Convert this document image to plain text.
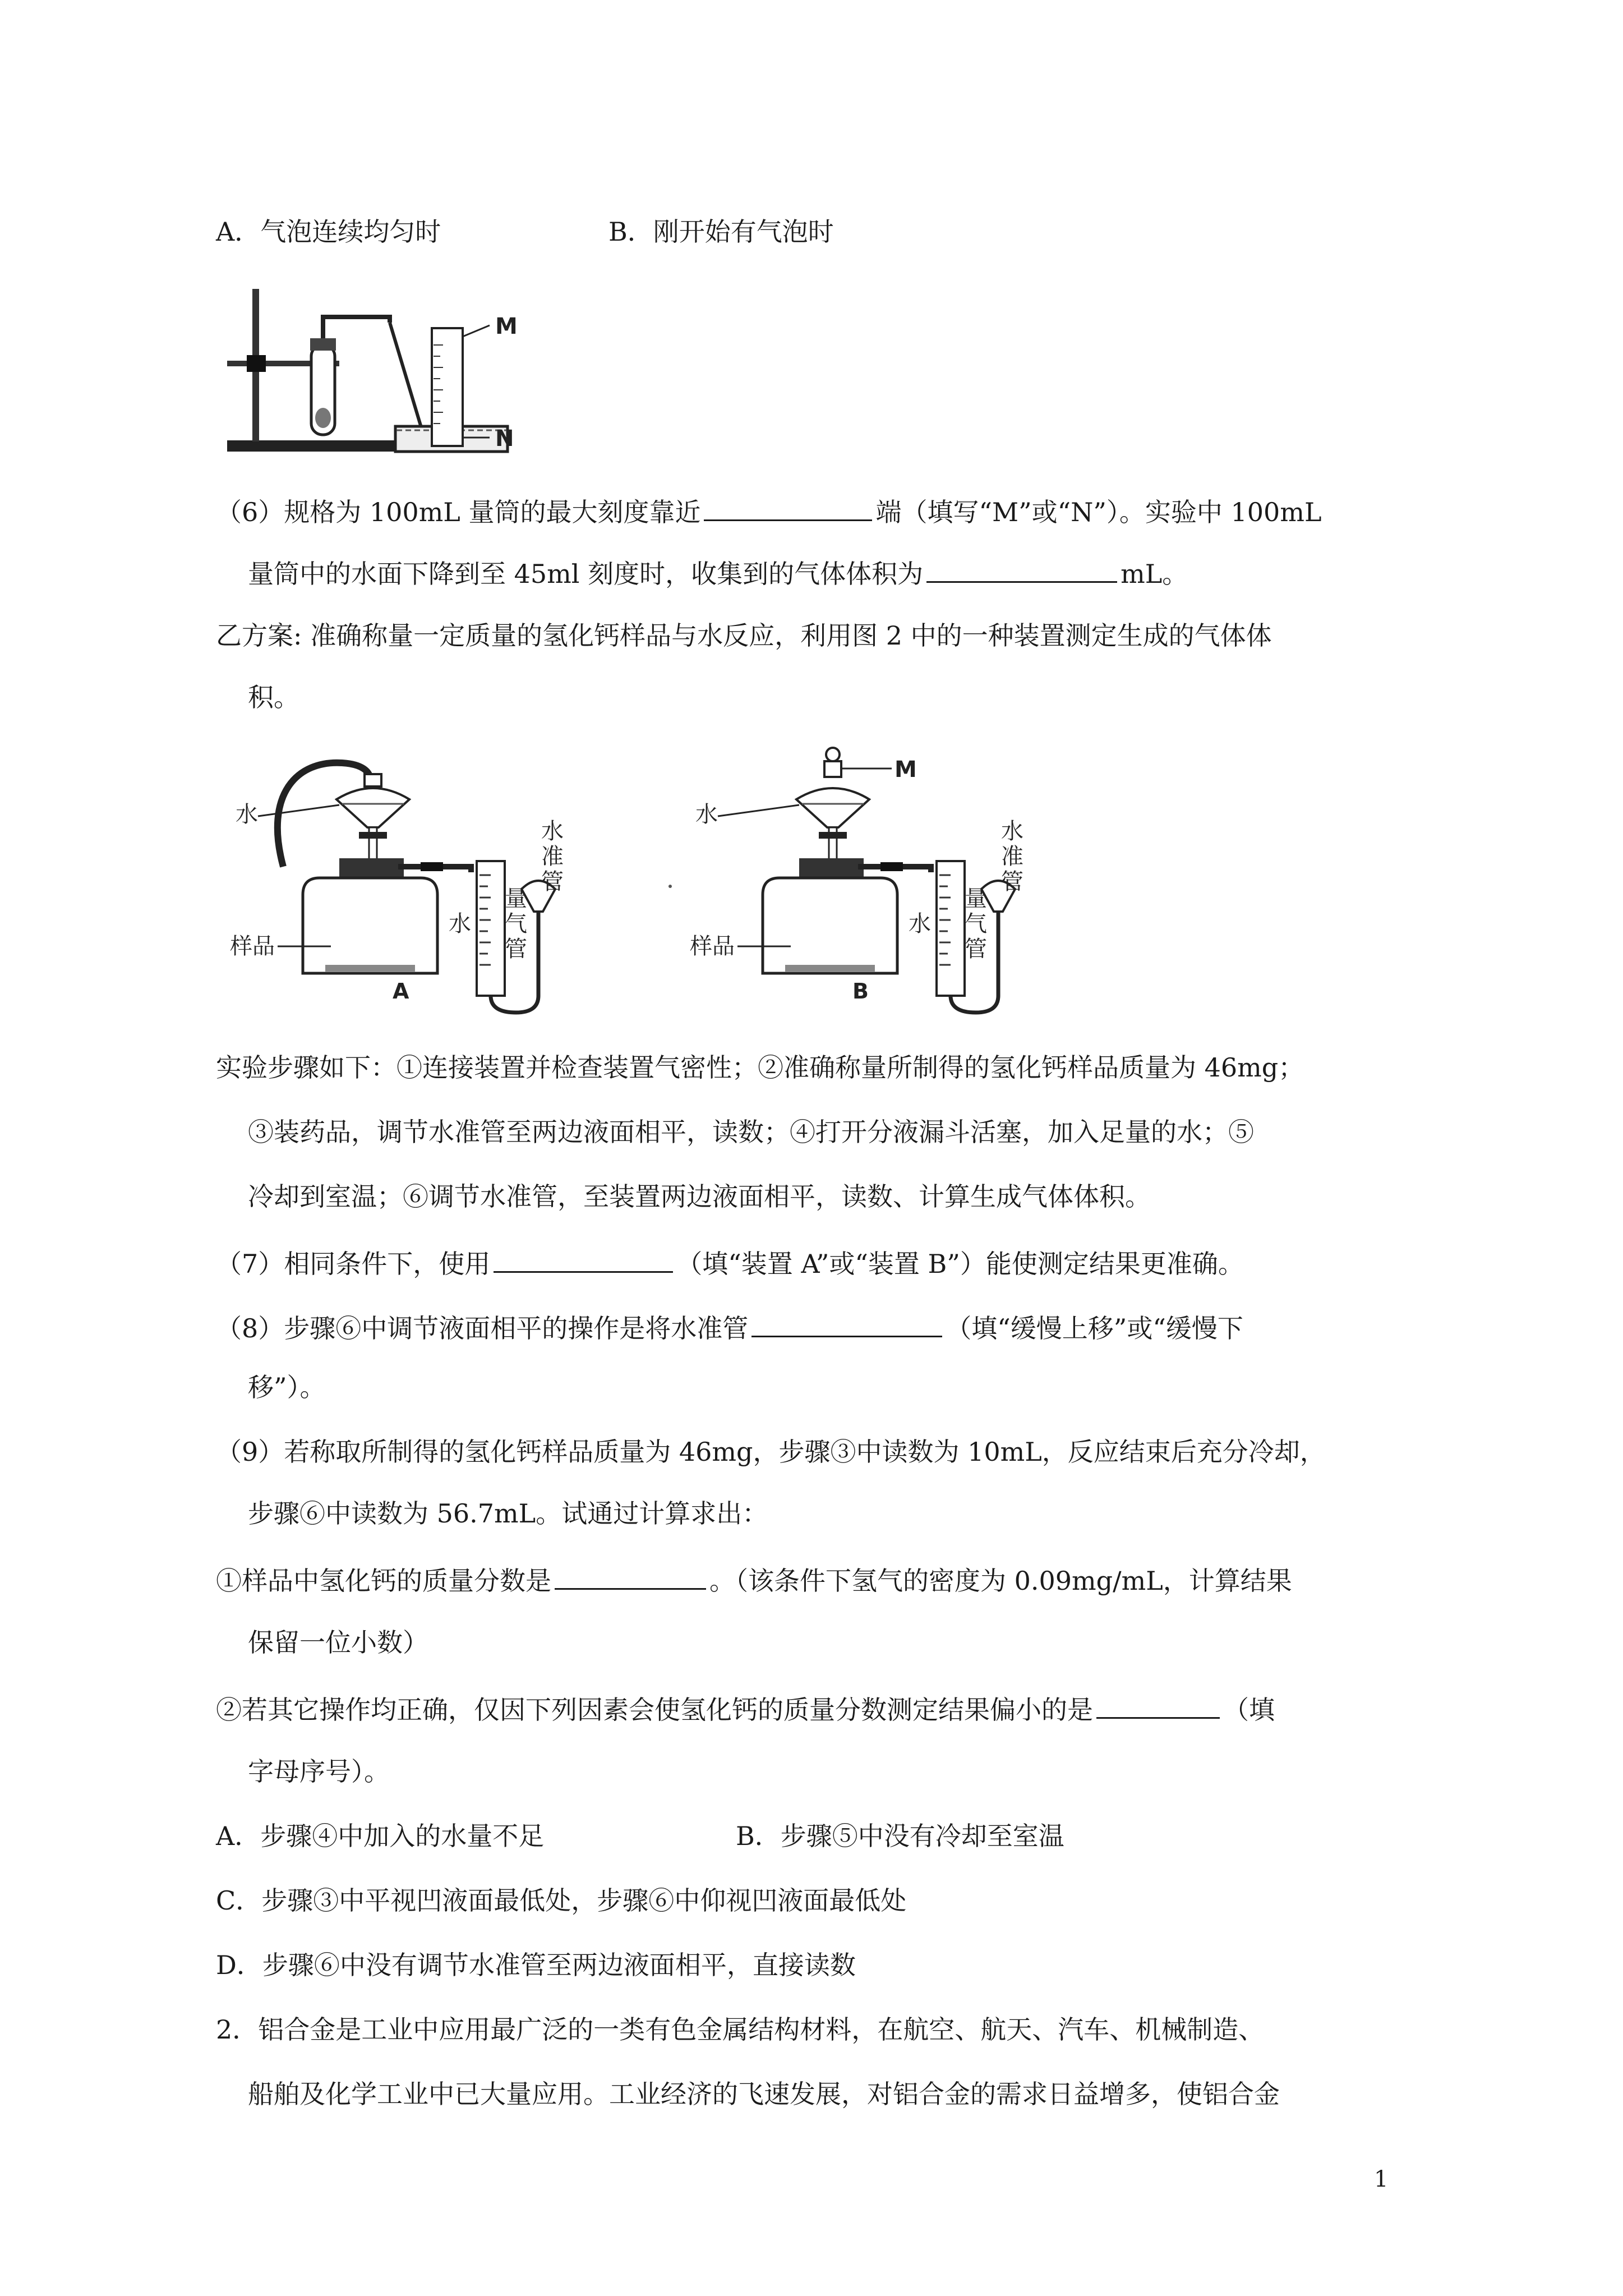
A．气泡连续均匀时	B．刚开始有气泡时
M
N
（6）规格为 100mL 量筒的最大刻度靠近	端（填写“M”或“N”）。实验中 100mL
量筒中的水面下降到至 45ml 刻度时，收集到的气体体积为	mL。
乙方案: 准确称量一定质量的氢化钙样品与水反应，利用图 2 中的一种装置测定生成的气体体
积。
水
水
量
气
管
水
准
管
样品
A
M
水
水
量
气
管
水
准
管
样品
B
实验步骤如下：①连接装置并检查装置气密性；②准确称量所制得的氢化钙样品质量为 46mg；
③装药品，调节水准管至两边液面相平，读数；④打开分液漏斗活塞，加入足量的水；⑤
冷却到室温；⑥调节水准管，至装置两边液面相平，读数、计算生成气体体积。
（7）相同条件下，使用	（填“装置 A”或“装置 B”）能使测定结果更准确。
（8）步骤⑥中调节液面相平的操作是将水准管	（填“缓慢上移”或“缓慢下
移”）。
（9）若称取所制得的氢化钙样品质量为 46mg，步骤③中读数为 10mL，反应结束后充分冷却，
步骤⑥中读数为 56.7mL。试通过计算求出：
①样品中氢化钙的质量分数是	。（该条件下氢气的密度为 0.09mg/mL，计算结果
保留一位小数）
②若其它操作均正确，仅因下列因素会使氢化钙的质量分数测定结果偏小的是	（填
字母序号）。
A．步骤④中加入的水量不足	B．步骤⑤中没有冷却至室温
C．步骤③中平视凹液面最低处，步骤⑥中仰视凹液面最低处
D．步骤⑥中没有调节水准管至两边液面相平，直接读数
2．铝合金是工业中应用最广泛的一类有色金属结构材料，在航空、航天、汽车、机械制造、
船舶及化学工业中已大量应用。工业经济的飞速发展，对铝合金的需求日益增多，使铝合金
1
